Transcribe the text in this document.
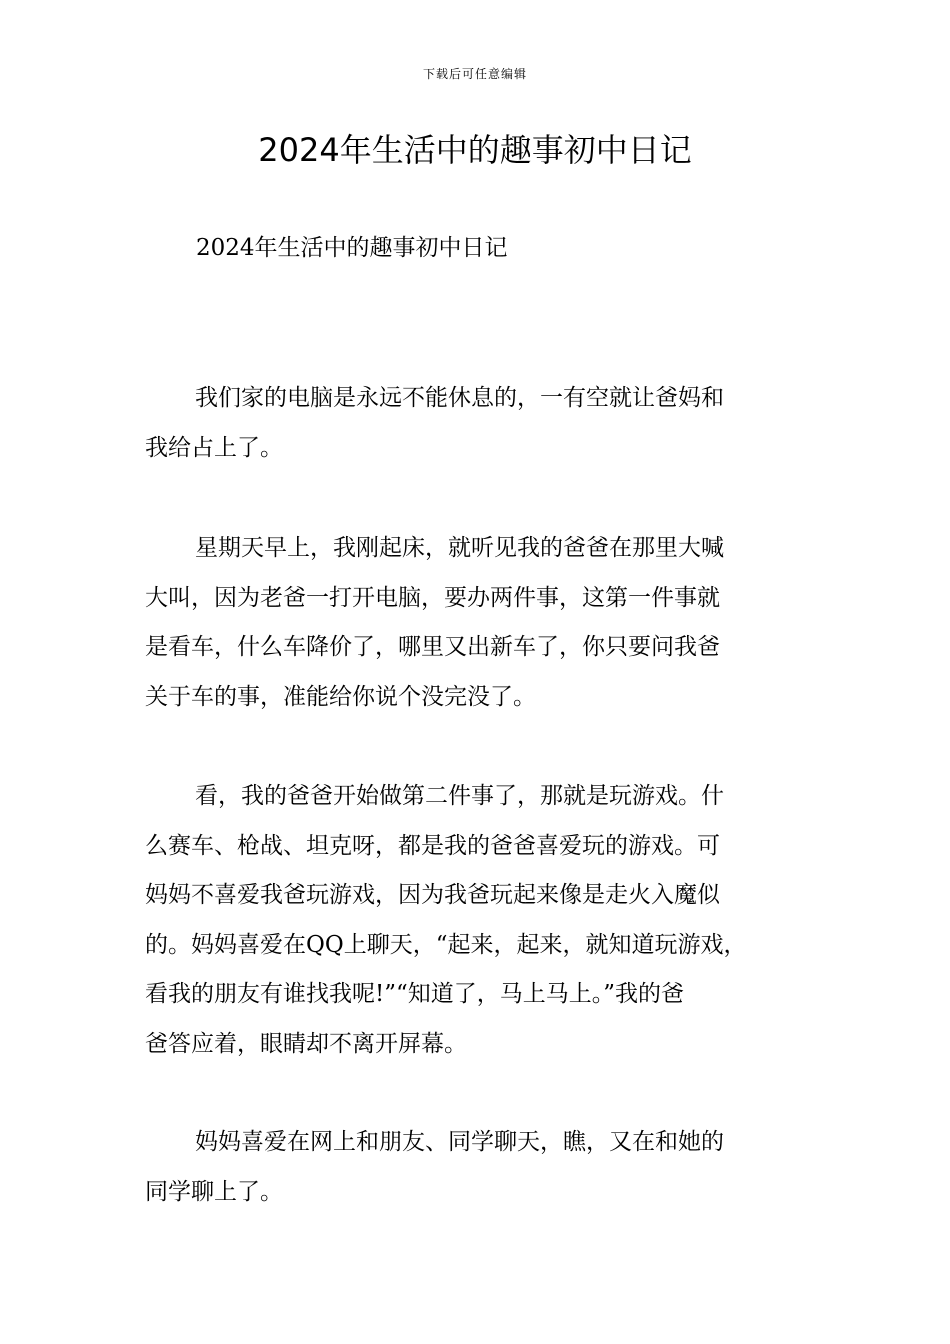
下载后可任意编辑
2024年生活中的趣事初中日记
2024年生活中的趣事初中日记
我们家的电脑是永远不能休息的，一有空就让爸妈和
我给占上了。
星期天早上，我刚起床，就听见我的爸爸在那里大喊
大叫，因为老爸一打开电脑，要办两件事，这第一件事就
是看车，什么车降价了，哪里又出新车了，你只要问我爸
关于车的事，准能给你说个没完没了。
看，我的爸爸开始做第二件事了，那就是玩游戏。什
么赛车、枪战、坦克呀，都是我的爸爸喜爱玩的游戏。可
妈妈不喜爱我爸玩游戏，因为我爸玩起来像是走火入魔似
的。妈妈喜爱在QQ上聊天，“起来，起来，就知道玩游戏，
看我的朋友有谁找我呢!”“知道了，马上马上。”我的爸
爸答应着，眼睛却不离开屏幕。
妈妈喜爱在网上和朋友、同学聊天，瞧，又在和她的
同学聊上了。
